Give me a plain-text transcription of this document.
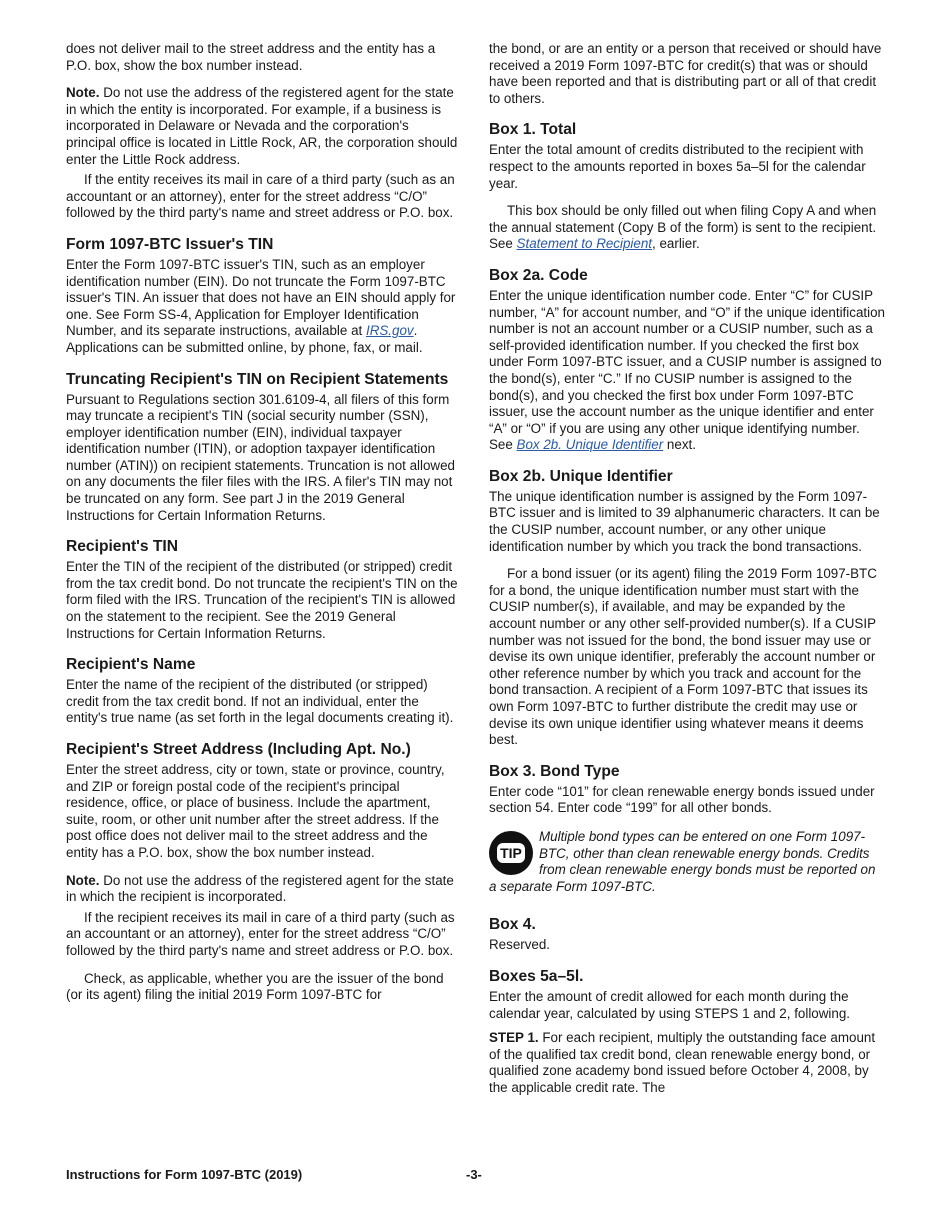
does not deliver mail to the street address and the entity has a P.O. box, show the box number instead.

Note. Do not use the address of the registered agent for the state in which the entity is incorporated. For example, if a business is incorporated in Delaware or Nevada and the corporation's principal office is located in Little Rock, AR, the corporation should enter the Little Rock address.

If the entity receives its mail in care of a third party (such as an accountant or an attorney), enter for the street address “C/O” followed by the third party's name and street address or P.O. box.

Form 1097-BTC Issuer's TIN

Enter the Form 1097-BTC issuer's TIN, such as an employer identification number (EIN). Do not truncate the Form 1097-BTC issuer's TIN. An issuer that does not have an EIN should apply for one. See Form SS-4, Application for Employer Identification Number, and its separate instructions, available at IRS.gov. Applications can be submitted online, by phone, fax, or mail.

Truncating Recipient's TIN on Recipient Statements

Pursuant to Regulations section 301.6109-4, all filers of this form may truncate a recipient's TIN (social security number (SSN), employer identification number (EIN), individual taxpayer identification number (ITIN), or adoption taxpayer identification number (ATIN)) on recipient statements. Truncation is not allowed on any documents the filer files with the IRS. A filer's TIN may not be truncated on any form. See part J in the 2019 General Instructions for Certain Information Returns.

Recipient's TIN

Enter the TIN of the recipient of the distributed (or stripped) credit from the tax credit bond. Do not truncate the recipient's TIN on the form filed with the IRS. Truncation of the recipient's TIN is allowed on the statement to the recipient. See the 2019 General Instructions for Certain Information Returns.

Recipient's Name

Enter the name of the recipient of the distributed (or stripped) credit from the tax credit bond. If not an individual, enter the entity's true name (as set forth in the legal documents creating it).

Recipient's Street Address (Including Apt. No.)

Enter the street address, city or town, state or province, country, and ZIP or foreign postal code of the recipient's principal residence, office, or place of business. Include the apartment, suite, room, or other unit number after the street address. If the post office does not deliver mail to the street address and the entity has a P.O. box, show the box number instead.

Note. Do not use the address of the registered agent for the state in which the recipient is incorporated.

If the recipient receives its mail in care of a third party (such as an accountant or an attorney), enter for the street address “C/O” followed by the third party's name and street address or P.O. box.

Check, as applicable, whether you are the issuer of the bond (or its agent) filing the initial 2019 Form 1097-BTC for

the bond, or are an entity or a person that received or should have received a 2019 Form 1097-BTC for credit(s) that was or should have been reported and that is distributing part or all of that credit to others.

Box 1. Total

Enter the total amount of credits distributed to the recipient with respect to the amounts reported in boxes 5a–5l for the calendar year.

This box should be only filled out when filing Copy A and when the annual statement (Copy B of the form) is sent to the recipient. See Statement to Recipient, earlier.

Box 2a. Code

Enter the unique identification number code. Enter “C” for CUSIP number, “A” for account number, and “O” if the unique identification number is not an account number or a CUSIP number, such as a self-provided identification number. If you checked the first box under Form 1097-BTC issuer, and a CUSIP number is assigned to the bond(s), enter “C.” If no CUSIP number is assigned to the bond(s), and you checked the first box under Form 1097-BTC issuer, use the account number as the unique identifier and enter “A” or “O” if you are using any other unique identifying number. See Box 2b. Unique Identifier next.

Box 2b. Unique Identifier

The unique identification number is assigned by the Form 1097-BTC issuer and is limited to 39 alphanumeric characters. It can be the CUSIP number, account number, or any other unique identification number by which you track the bond transactions.

For a bond issuer (or its agent) filing the 2019 Form 1097-BTC for a bond, the unique identification number must start with the CUSIP number(s), if available, and may be expanded by the account number or any other self-provided number(s). If a CUSIP number was not issued for the bond, the bond issuer may use or devise its own unique identifier, preferably the account number or other reference number by which you track and account for the bond transaction. A recipient of a Form 1097-BTC that issues its own Form 1097-BTC to further distribute the credit may use or devise its own unique identifier using whatever means it deems best.

Box 3. Bond Type

Enter code “101” for clean renewable energy bonds issued under section 54. Enter code “199” for all other bonds.

TIP
Multiple bond types can be entered on one Form 1097-BTC, other than clean renewable energy bonds. Credits from clean renewable energy bonds must be reported on a separate Form 1097-BTC.
Box 4.

Reserved.

Boxes 5a–5l.

Enter the amount of credit allowed for each month during the calendar year, calculated by using STEPS 1 and 2, following.

STEP 1. For each recipient, multiply the outstanding face amount of the qualified tax credit bond, clean renewable energy bond, or qualified zone academy bond issued before October 4, 2008, by the applicable credit rate. The

Instructions for Form 1097-BTC (2019)	-3-
